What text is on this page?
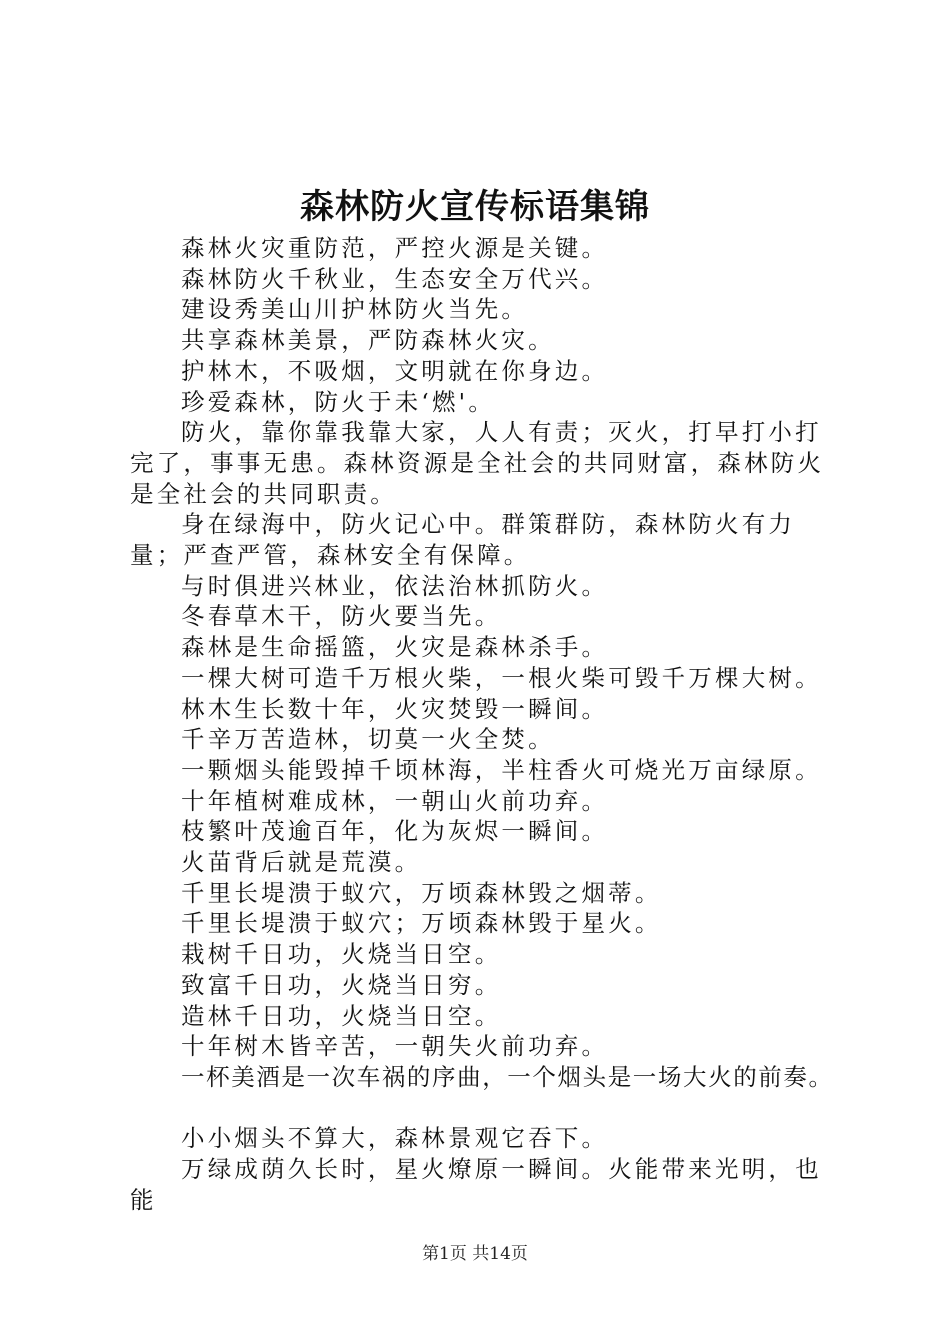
森林防火宣传标语集锦

森林火灾重防范，严控火源是关键。

森林防火千秋业，生态安全万代兴。

建设秀美山川护林防火当先。

共享森林美景，严防森林火灾。

护林木，不吸烟，文明就在你身边。

珍爱森林，防火于未‘燃'。

防火，靠你靠我靠大家，人人有责；灭火，打早打小打完了，事事无患。森林资源是全社会的共同财富，森林防火是全社会的共同职责。

身在绿海中，防火记心中。群策群防，森林防火有力量；严查严管，森林安全有保障。

与时俱进兴林业，依法治林抓防火。

冬春草木干，防火要当先。

森林是生命摇篮，火灾是森林杀手。

一棵大树可造千万根火柴，一根火柴可毁千万棵大树。

林木生长数十年，火灾焚毁一瞬间。

千辛万苦造林，切莫一火全焚。

一颗烟头能毁掉千顷林海，半柱香火可烧光万亩绿原。

十年植树难成林，一朝山火前功弃。

枝繁叶茂逾百年，化为灰烬一瞬间。

火苗背后就是荒漠。

千里长堤溃于蚁穴，万顷森林毁之烟蒂。

千里长堤溃于蚁穴；万顷森林毁于星火。

栽树千日功，火烧当日空。

致富千日功，火烧当日穷。

造林千日功，火烧当日空。

十年树木皆辛苦，一朝失火前功弃。

一杯美酒是一次车祸的序曲，一个烟头是一场大火的前奏。

小小烟头不算大，森林景观它吞下。

万绿成荫久长时，星火燎原一瞬间。火能带来光明，也能

第1页 共14页
